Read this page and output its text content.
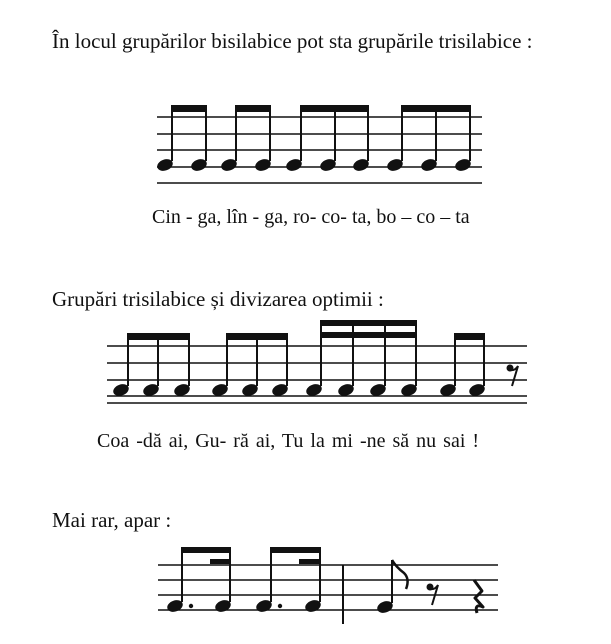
În locul grupărilor bisilabice pot sta grupările trisilabice :

Cin - ga, lîn - ga, ro- co- ta, bo – co – ta

Grupări trisilabice și divizarea optimii :

Coa -dă ai, Gu- ră ai, Tu la mi -ne să nu sai !

Mai rar, apar :
